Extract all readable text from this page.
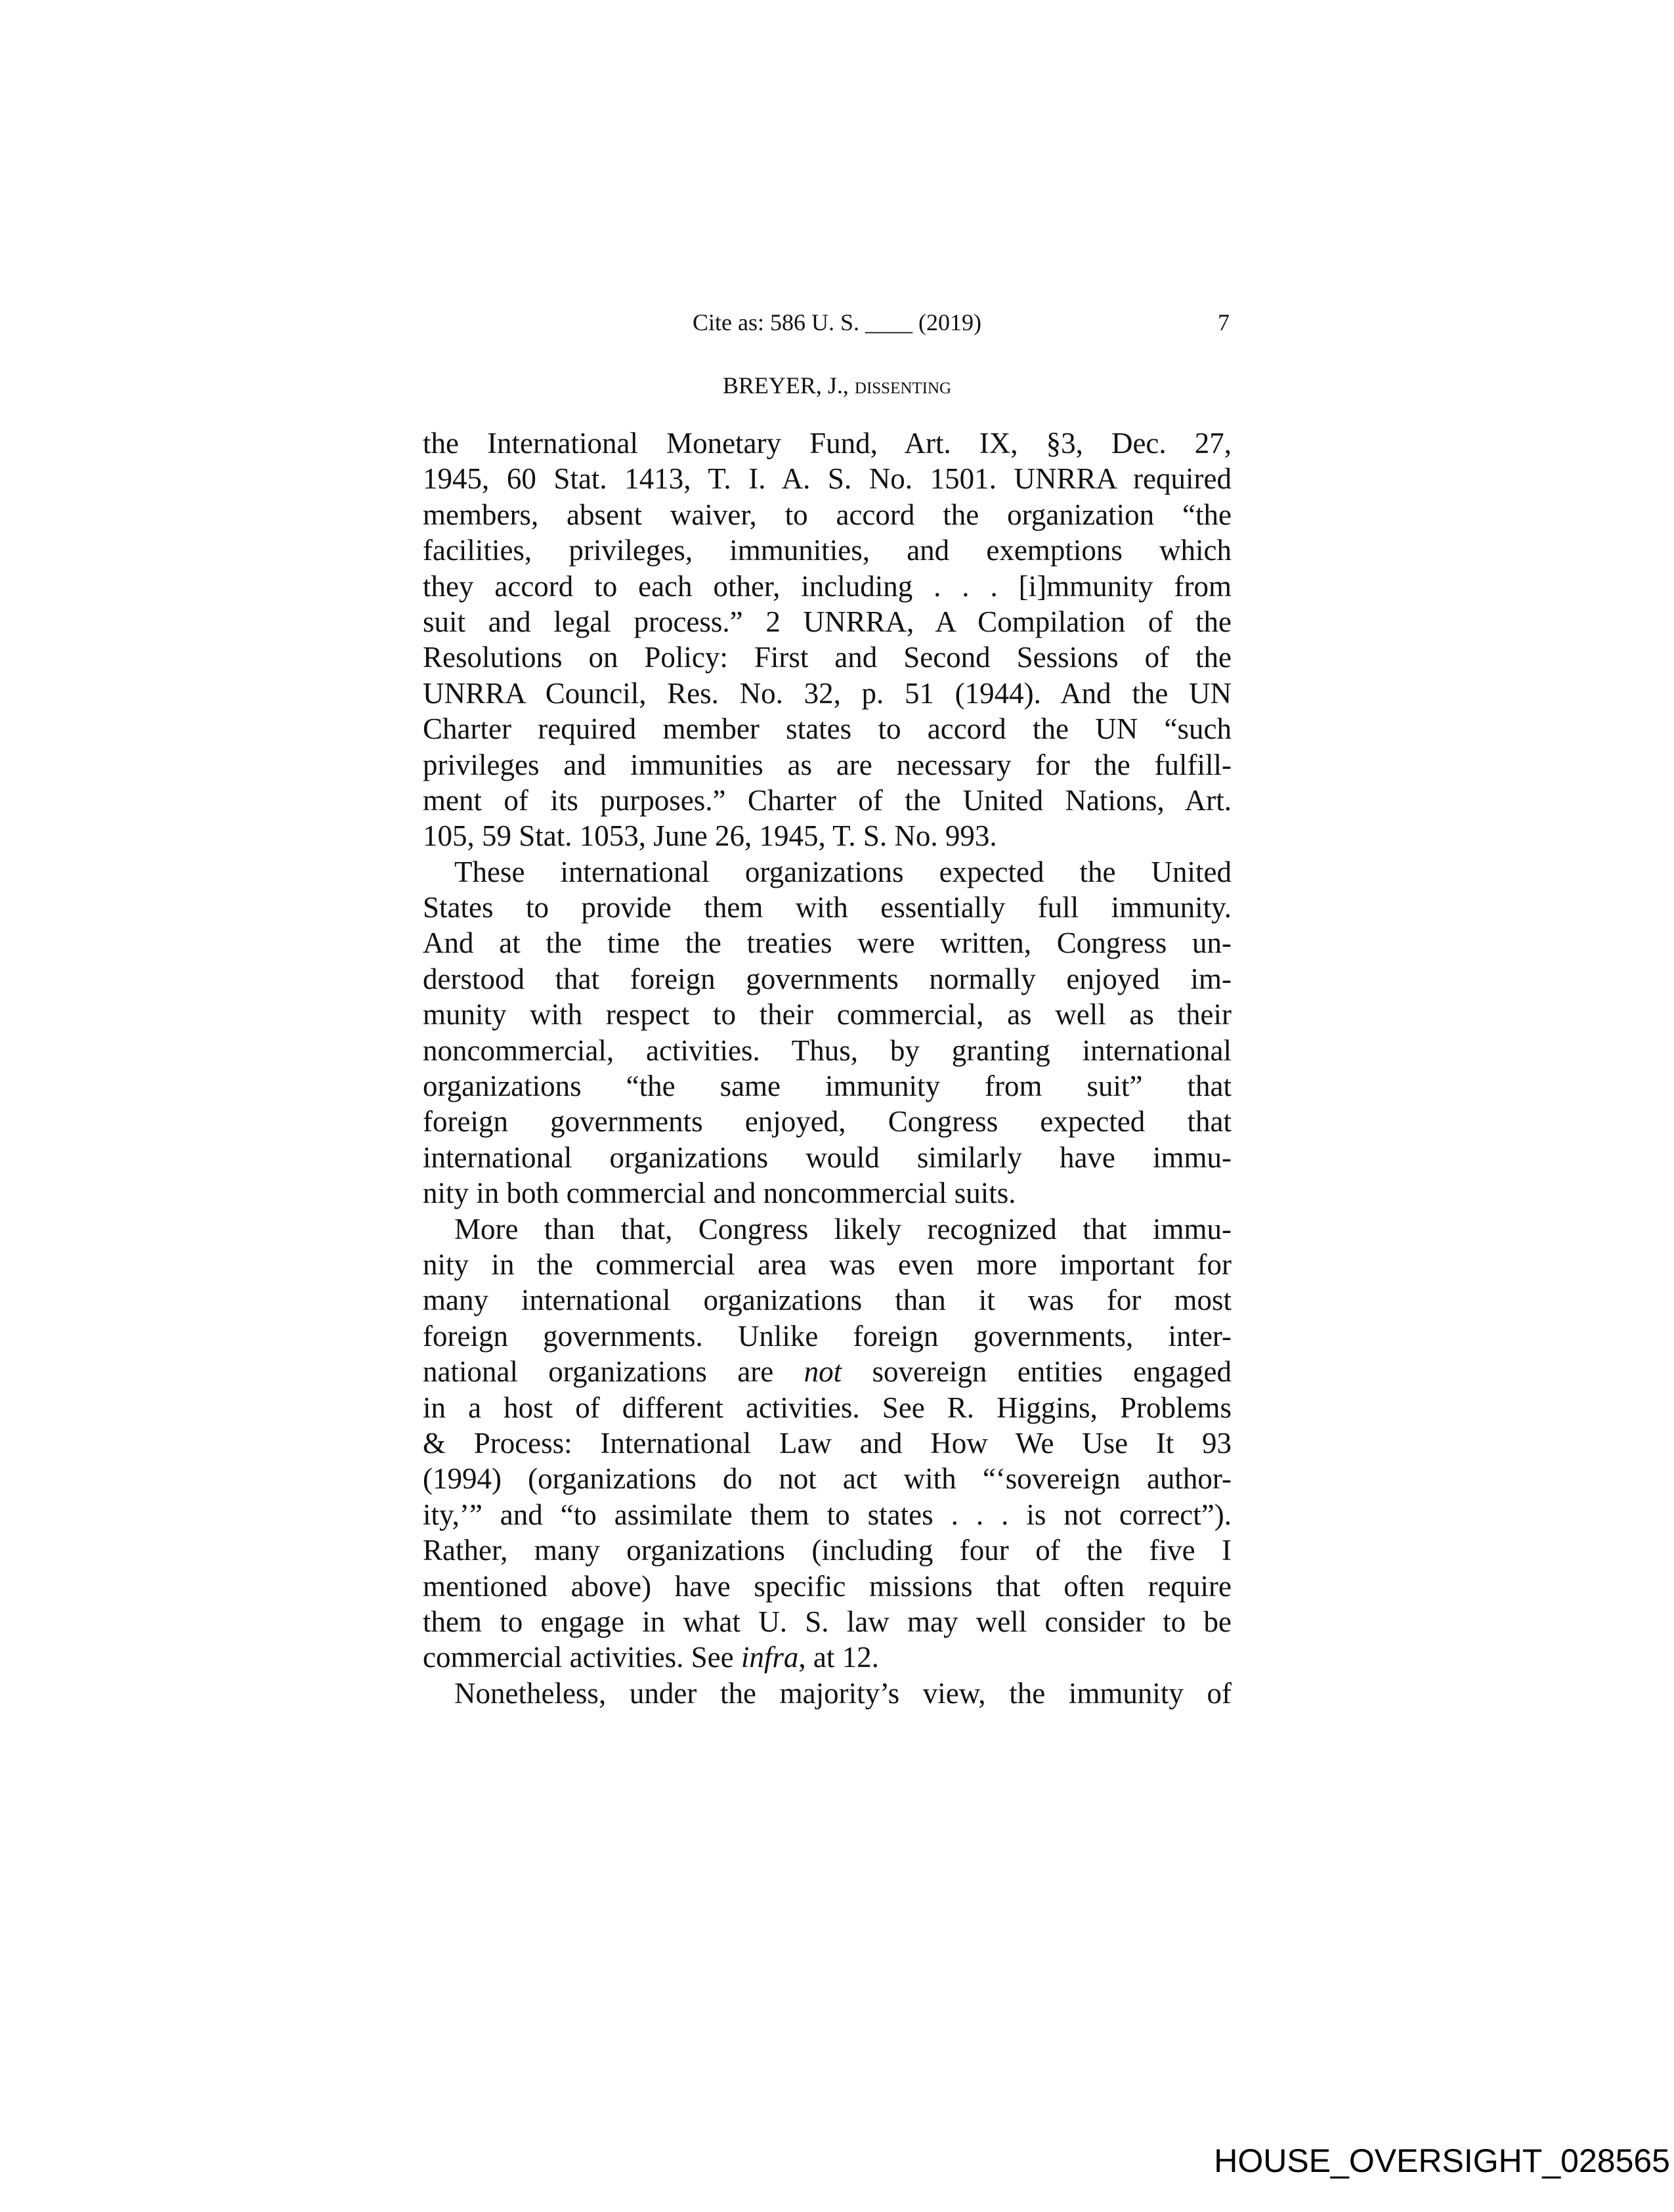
Cite as: 586 U. S. ____ (2019)	7
BREYER, J., dissenting
the International Monetary Fund, Art. IX, §3, Dec. 27,
1945, 60 Stat. 1413, T. I. A. S. No. 1501. UNRRA required
members, absent waiver, to accord the organization “the
facilities, privileges, immunities, and exemptions which
they accord to each other, including . . . [i]mmunity from
suit and legal process.” 2 UNRRA, A Compilation of the
Resolutions on Policy: First and Second Sessions of the
UNRRA Council, Res. No. 32, p. 51 (1944). And the UN
Charter required member states to accord the UN “such
privileges and immunities as are necessary for the fulfill-
ment of its purposes.” Charter of the United Nations, Art.
105, 59 Stat. 1053, June 26, 1945, T. S. No. 993.
These international organizations expected the United
States to provide them with essentially full immunity.
And at the time the treaties were written, Congress un-
derstood that foreign governments normally enjoyed im-
munity with respect to their commercial, as well as their
noncommercial, activities. Thus, by granting international
organizations “the same immunity from suit” that
foreign governments enjoyed, Congress expected that
international organizations would similarly have immu-
nity in both commercial and noncommercial suits.
More than that, Congress likely recognized that immu-
nity in the commercial area was even more important for
many international organizations than it was for most
foreign governments. Unlike foreign governments, inter-
national organizations are not sovereign entities engaged
in a host of different activities. See R. Higgins, Problems
& Process: International Law and How We Use It 93
(1994) (organizations do not act with “‘sovereign author-
ity,’” and “to assimilate them to states . . . is not correct”).
Rather, many organizations (including four of the five I
mentioned above) have specific missions that often require
them to engage in what U. S. law may well consider to be
commercial activities. See infra, at 12.
Nonetheless, under the majority’s view, the immunity of
HOUSE_OVERSIGHT_028565
